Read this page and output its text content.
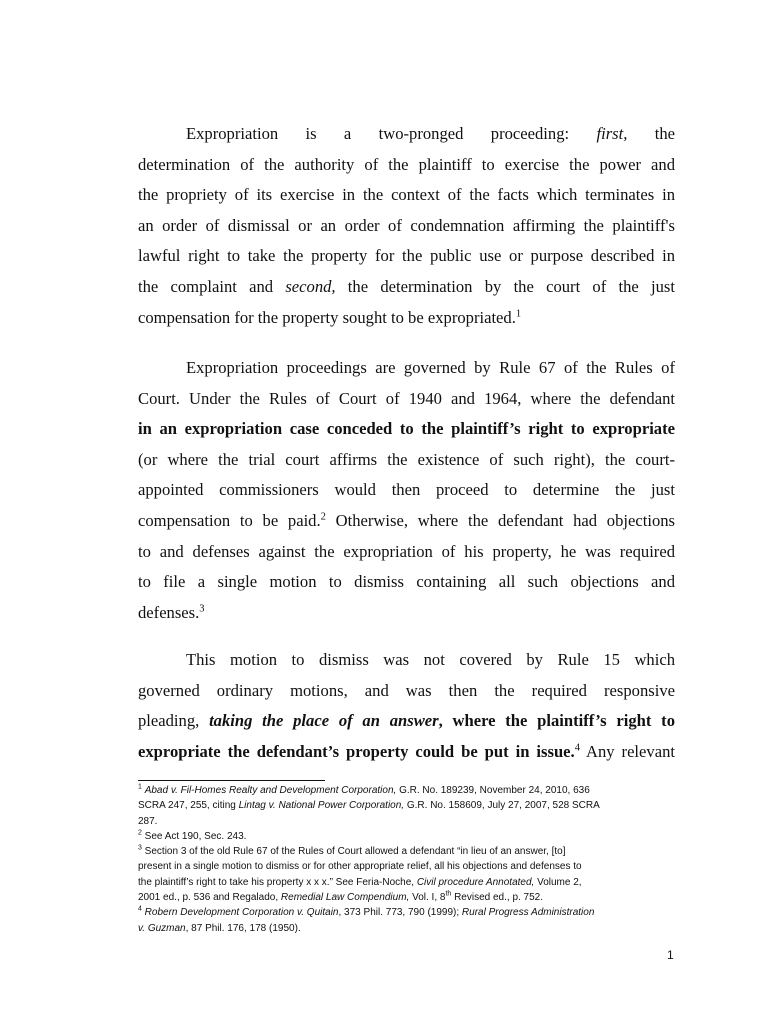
Expropriation is a two-pronged proceeding: first, the
determination of the authority of the plaintiff to exercise the power and
the propriety of its exercise in the context of the facts which terminates in
an order of dismissal or an order of condemnation affirming the plaintiff's
lawful right to take the property for the public use or purpose described in
the complaint and second, the determination by the court of the just
compensation for the property sought to be expropriated.$^1$
Expropriation proceedings are governed by Rule 67 of the Rules of
Court. Under the Rules of Court of 1940 and 1964, where the defendant
in an expropriation case conceded to the plaintiff’s right to expropriate
(or where the trial court affirms the existence of such right), the court-
appointed commissioners would then proceed to determine the just
compensation to be paid.$^2$ Otherwise, where the defendant had objections
to and defenses against the expropriation of his property, he was required
to file a single motion to dismiss containing all such objections and
defenses.$^3$
This motion to dismiss was not covered by Rule 15 which
governed ordinary motions, and was then the required responsive
pleading, taking the place of an answer, where the plaintiff’s right to
expropriate the defendant’s property could be put in issue.$^4$ Any relevant
$^1$ Abad v. Fil-Homes Realty and Development Corporation, G.R. No. 189239, November 24, 2010, 636
SCRA 247, 255, citing Lintag v. National Power Corporation, G.R. No. 158609, July 27, 2007, 528 SCRA
287.
$^2$ See Act 190, Sec. 243.
$^3$ Section 3 of the old Rule 67 of the Rules of Court allowed a defendant “in lieu of an answer, [to]
present in a single motion to dismiss or for other appropriate relief, all his objections and defenses to
the plaintiff’s right to take his property x x x.” See Feria-Noche, Civil procedure Annotated, Volume 2,
2001 ed., p. 536 and Regalado, Remedial Law Compendium, Vol. I, 8th Revised ed., p. 752.
$^4$ Robern Development Corporation v. Quitain, 373 Phil. 773, 790 (1999); Rural Progress Administration
v. Guzman, 87 Phil. 176, 178 (1950).
1
